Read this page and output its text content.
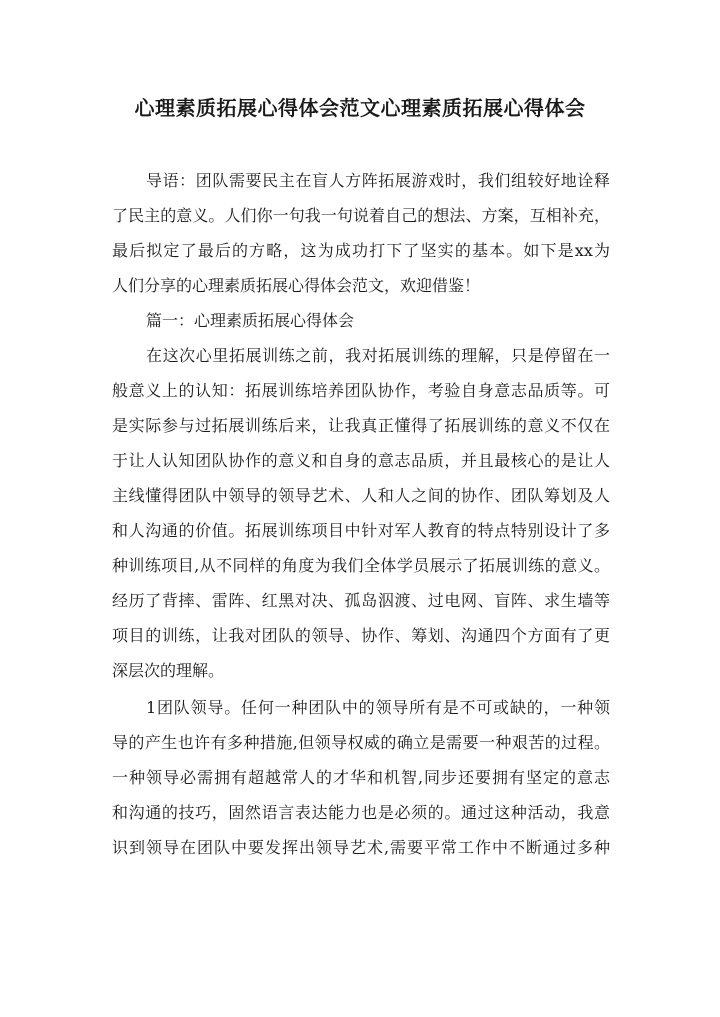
心理素质拓展心得体会范文心理素质拓展心得体会
导语：团队需要民主在盲人方阵拓展游戏时，我们组较好地诠释
了民主的意义。人们你一句我一句说着自己的想法、方案，互相补充，
最后拟定了最后的方略，这为成功打下了坚实的基本。如下是xx为
人们分享的心理素质拓展心得体会范文，欢迎借鉴！
篇一：心理素质拓展心得体会
在这次心里拓展训练之前，我对拓展训练的理解，只是停留在一
般意义上的认知：拓展训练培养团队协作，考验自身意志品质等。可
是实际参与过拓展训练后来，让我真正懂得了拓展训练的意义不仅在
于让人认知团队协作的意义和自身的意志品质，并且最核心的是让人
主线懂得团队中领导的领导艺术、人和人之间的协作、团队筹划及人
和人沟通的价值。拓展训练项目中针对军人教育的特点特别设计了多
种训练项目,从不同样的角度为我们全体学员展示了拓展训练的意义。
经历了背摔、雷阵、红黑对决、孤岛泅渡、过电网、盲阵、求生墙等
项目的训练，让我对团队的领导、协作、筹划、沟通四个方面有了更
深层次的理解。
1团队领导。任何一种团队中的领导所有是不可或缺的，一种领
导的产生也许有多种措施,但领导权威的确立是需要一种艰苦的过程。
一种领导必需拥有超越常人的才华和机智,同步还要拥有坚定的意志
和沟通的技巧，固然语言表达能力也是必须的。通过这种活动，我意
识到领导在团队中要发挥出领导艺术,需要平常工作中不断通过多种
